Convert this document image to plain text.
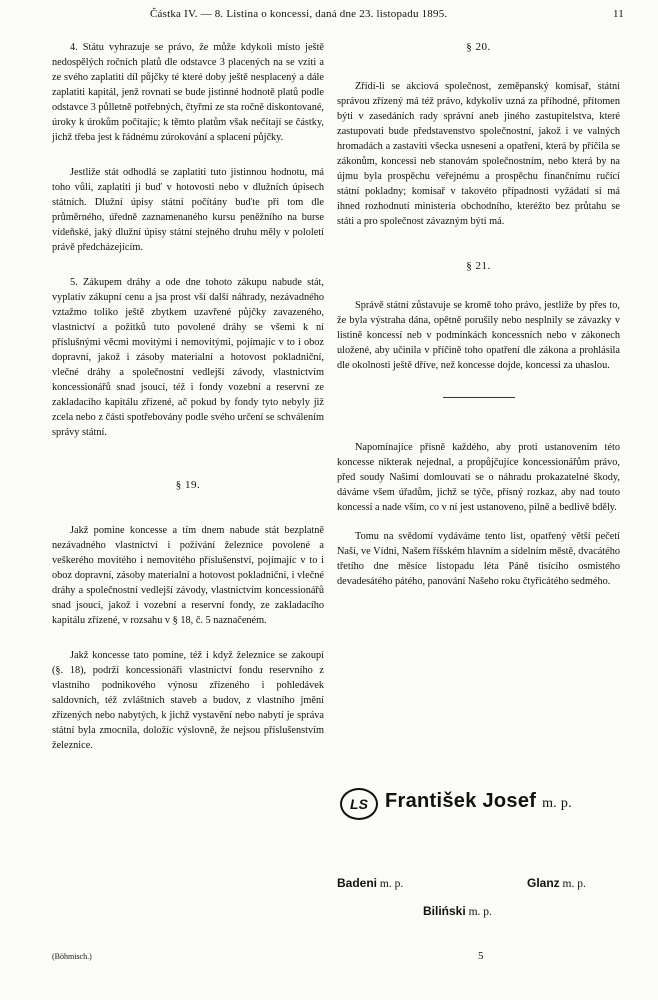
Částka IV. — 8. Listina o koncessi, daná dne 23. listopadu 1895.	11

4. Státu vyhrazuje se právo, že může kdykoli místo ještě nedospělých ročních platů dle odstavce 3 placených na se vzíti a ze svého zaplatiti díl půjčky té které doby ještě nesplacený a dále zaplatiti kapitál, jenž rovnati se bude jistinné hodnotě platů podle odstavce 3 půlletně potřebných, čtyřmi ze sta ročně diskontované, úroky k úrokům počítajíc; k těmto platům však nečítají se částky, jichž třeba jest k řádnému zúrokování a splacení půjčky.

Jestliže stát odhodlá se zaplatiti tuto jistinnou hodnotu, má toho vůli, zaplatiti ji buď v hotovosti nebo v dlužních úpisech státních. Dlužní úpisy státní počítány buďte při tom dle průměrného, úředně zaznamenaného kursu peněžního na burse vídeňské, jaký dlužní úpisy státní stejného druhu měly v pololetí právě předcházejícím.

5. Zákupem dráhy a ode dne tohoto zákupu nabude stát, vyplativ zákupní cenu a jsa prost vší další náhrady, nezávadného vztažmo toliko ještě zbytkem uzavřené půjčky zavazeného, vlastnictví a požitků tuto povolené dráhy se všemi k ní příslušnými věcmi movitými i nemovitými, pojímajíc v to i obоz dopravní, jakož i zásoby materialní a hotovost pokladniční, vlečné dráhy a společnostní vedlejší závody, vlastnictvím koncessionářů snad jsoucí, též i fondy vozební a reservní ze zakladacího kapitálu zřízené, ač pokud by fondy tyto nebyly již zcela nebo z části spotřebovány podle svého určení se schválením správy státní.

§ 19.

Jakž pomine koncesse a tím dnem nabude stát bezplatně nezávadného vlastnictví i požívání železnice povolené a veškerého movitého i nemovitého příslušenství, pojímajíc v to i obоz dopravní, zásoby materialní a hotovost pokladniční, i vlečné dráhy a společnostní vedlejší závody, vlastnictvím koncessionářů snad jsoucí, jakož i vozební a reservní fondy, ze zakladacího kapitálu zřízené, v rozsahu v § 18, č. 5 naznačeném.

Jakž koncesse tato pomine, též i když železnice se zakoupí (§. 18), podrží koncessionáři vlastnictví fondu reservního z vlastního podnikového výnosu zřízeného i pohledávek saldovních, též zvláštních staveb a budov, z vlastního jmění zřízených nebo nabytých, k jichž vystavění nebo nabytí je správa státní byla zmocnila, doložíc výslovně, že nejsou příslušenstvím železnice.

§ 20.

Zřídí-li se akciová společnost, zeměpanský komisař, státní správou zřízený má též právo, kdykoliv uzná za příhodné, přítomen býti v zasedáních rady správní aneb jiného zastupitelstva, které zastupovati bude představenstvo společnostní, jakož i ve valných hromadách a zastaviti všecka usnesení a opatření, která by příčila se zákonům, koncessi neb stanovám společnostním, nebo která by na újmu byla prospěchu veřejnému a prospěchu finančnímu ručící státní pokladny; komisař v takovéto případnosti vyžádati si má ihned rozhodnutí ministeria obchodního, kteréžto bez průtahu se státi a pro společnost závazným býti má.

§ 21.

Správě státní zůstavuje se kromě toho právo, jestliže by přes to, že byla výstraha dána, opětně porušily nebo nesplnily se závazky v listině koncessí neb v podmínkách koncessních nebo v zákonech uložené, aby učinila v příčině toho opatření dle zákona a prohlásila dle okolnosti ještě dříve, než koncesse dojde, koncessi za uhaslou.

Napomínajíce přísně každého, aby proti ustanovením této koncesse nikterak nejednal, a propůjčujíce koncessionářům právo, před soudy Našimi domlouvati se o náhradu prokazatelné škody, dáváme všem úřadům, jichž se týče, přísný rozkaz, aby nad touto koncessí a nade vším, co v ní jest ustanoveno, pilně a bedlivě bděly.

Tomu na svědomí vydáváme tento list, opatřený větší pečetí Naší, ve Vídni, Našem říšském hlavním a sídelním městě, dvacátého třetího dne měsíce listopadu léta Páně tisícího osmistého devadesátého pátého, panování Našeho roku čtyřicátého sedmého.

LS František Josef m. p.
Badeni m. p.	Glanz m. p.
Biliński m. p.
(Böhmisch.)	5
